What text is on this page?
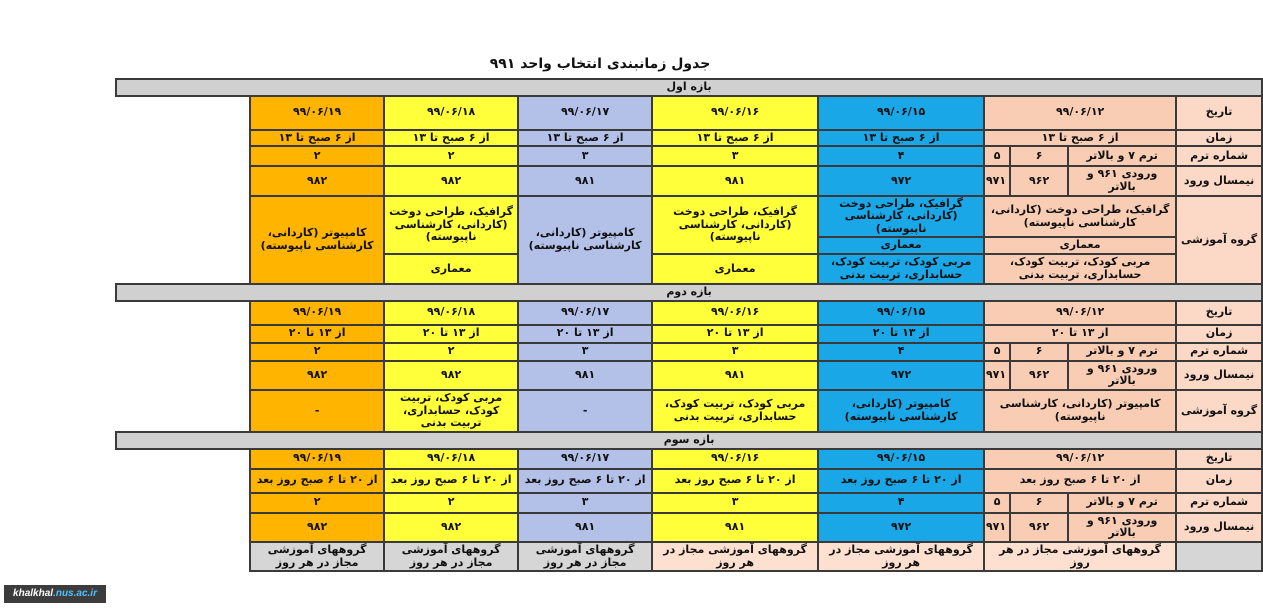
جدول زمانبندی انتخاب واحد ۹۹۱
بازه اول								
تاریخ	۹۹/۰۶/۱۲			۹۹/۰۶/۱۵	۹۹/۰۶/۱۶	۹۹/۰۶/۱۷	۹۹/۰۶/۱۸	۹۹/۰۶/۱۹
زمان	از ۶ صبح تا ۱۳			از ۶ صبح تا ۱۳	از ۶ صبح تا ۱۳	از ۶ صبح تا ۱۳	از ۶ صبح تا ۱۳	از ۶ صبح تا ۱۳
شماره ترم	ترم ۷ و بالاتر	۶	۵	۴	۳	۳	۲	۲
نیمسال ورود	ورودی ۹۶۱ و بالاتر	۹۶۲	۹۷۱	۹۷۲	۹۸۱	۹۸۱	۹۸۲	۹۸۲
گروه آموزشی	گرافیک، طراحی دوخت (کاردانی، کارشناسی ناپیوسته)			گرافیک، طراحی دوخت (کاردانی، کارشناسی ناپیوسته)	گرافیک، طراحی دوخت (کاردانی، کارشناسی ناپیوسته)	کامپیوتر (کاردانی، کارشناسی ناپیوسته)	گرافیک، طراحی دوخت (کاردانی، کارشناسی ناپیوسته)	کامپیوتر (کاردانی، کارشناسی ناپیوسته)
	معماری			معماری				
	مربی کودک، تربیت کودک، حسابداری، تربیت بدنی			مربی کودک، تربیت کودک، حسابداری، تربیت بدنی	معماری		معماری	
بازه دوم								
تاریخ	۹۹/۰۶/۱۲			۹۹/۰۶/۱۵	۹۹/۰۶/۱۶	۹۹/۰۶/۱۷	۹۹/۰۶/۱۸	۹۹/۰۶/۱۹
زمان	از ۱۳ تا ۲۰			از ۱۳ تا ۲۰	از ۱۳ تا ۲۰	از ۱۳ تا ۲۰	از ۱۳ تا ۲۰	از ۱۳ تا ۲۰
شماره ترم	ترم ۷ و بالاتر	۶	۵	۴	۳	۳	۲	۲
نیمسال ورود	ورودی ۹۶۱ و بالاتر	۹۶۲	۹۷۱	۹۷۲	۹۸۱	۹۸۱	۹۸۲	۹۸۲
گروه آموزشی	کامپیوتر (کاردانی، کارشناسی ناپیوسته)			کامپیوتر (کاردانی، کارشناسی ناپیوسته)	مربی کودک، تربیت کودک، حسابداری، تربیت بدنی	-	مربی کودک، تربیت کودک، حسابداری، تربیت بدنی	-
بازه سوم								
تاریخ	۹۹/۰۶/۱۲			۹۹/۰۶/۱۵	۹۹/۰۶/۱۶	۹۹/۰۶/۱۷	۹۹/۰۶/۱۸	۹۹/۰۶/۱۹
زمان	از ۲۰ تا ۶ صبح روز بعد			از ۲۰ تا ۶ صبح روز بعد	از ۲۰ تا ۶ صبح روز بعد	از ۲۰ تا ۶ صبح روز بعد	از ۲۰ تا ۶ صبح روز بعد	از ۲۰ تا ۶ صبح روز بعد
شماره ترم	ترم ۷ و بالاتر	۶	۵	۴	۳	۳	۲	۲
نیمسال ورود	ورودی ۹۶۱ و بالاتر	۹۶۲	۹۷۱	۹۷۲	۹۸۱	۹۸۱	۹۸۲	۹۸۲
	گروههای آموزشی مجاز در هر روز			گروههای آموزشی مجاز در هر روز	گروههای آموزشی مجاز در هر روز	گروههای آموزشی مجاز در هر روز	گروههای آموزشی مجاز در هر روز	گروههای آموزشی مجاز در هر روز
khalkhal.nus.ac.ir
